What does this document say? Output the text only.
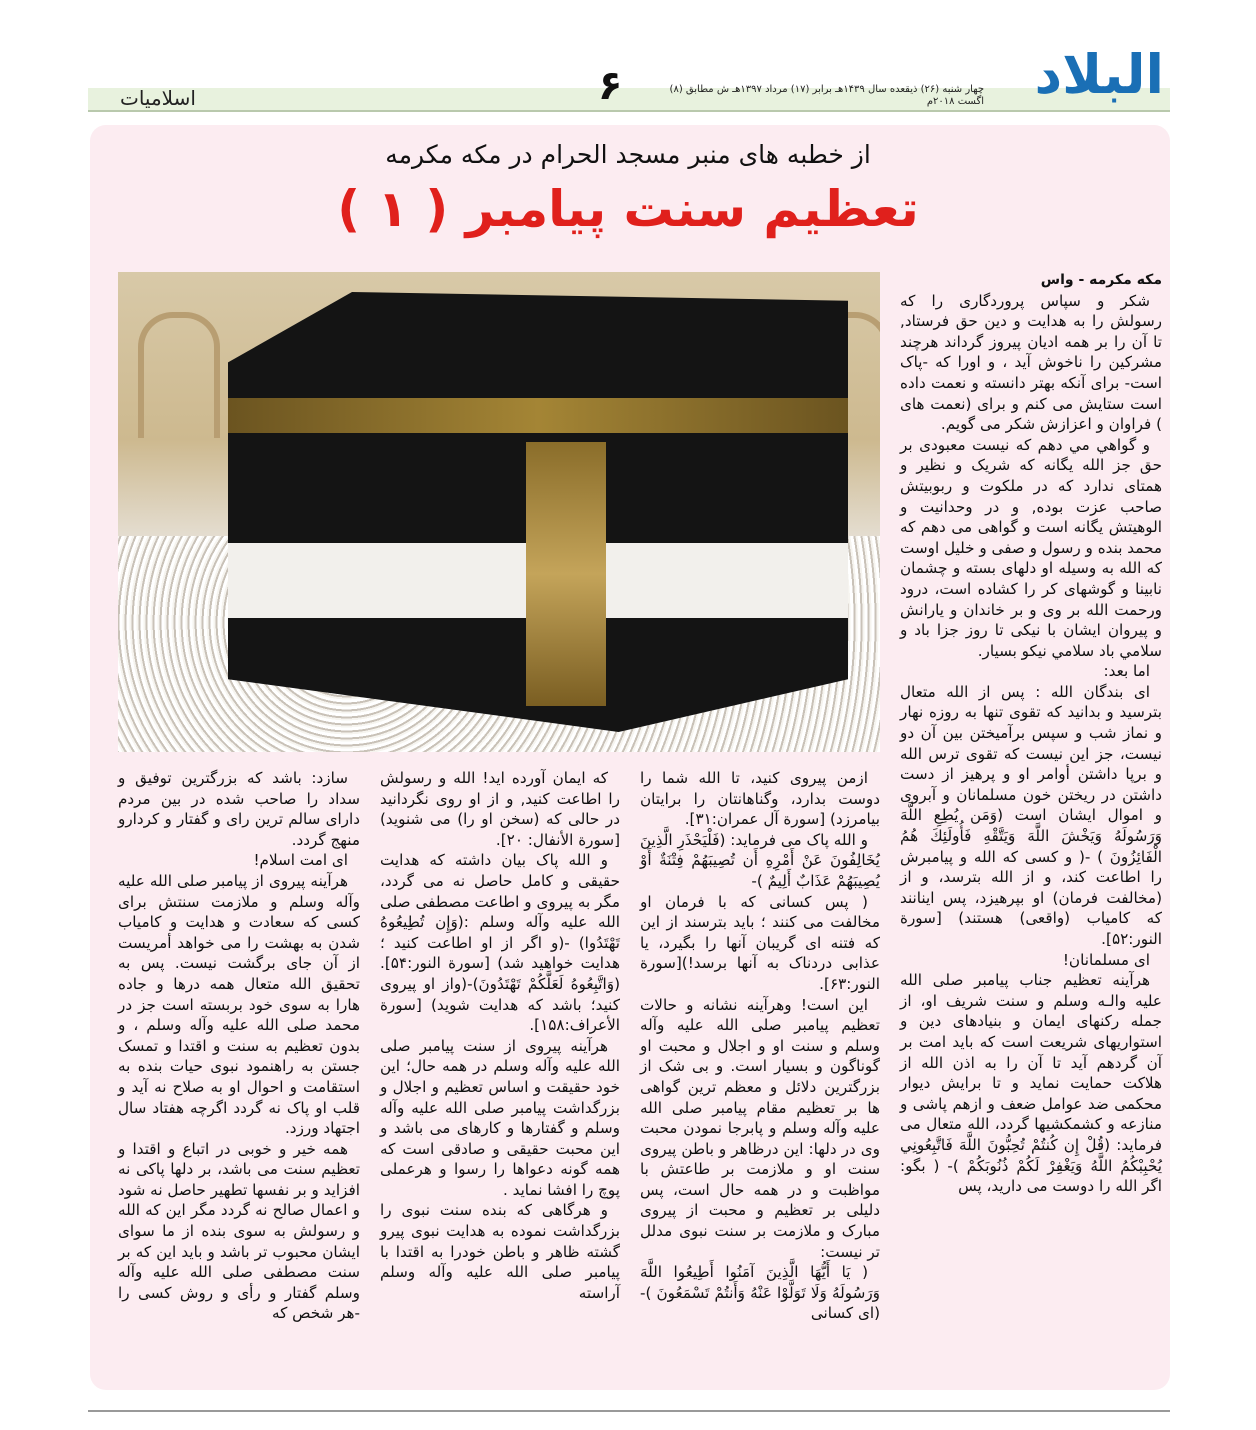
البلاد
چهار شنبه (۲۶) ذیقعده سال ۱۴۳۹هـ برابر (۱۷) مرداد ۱۳۹۷هـ ش مطابق (۸) اگست ۲۰۱۸م
۶
اسلامیات
از خطبه های منبر مسجد الحرام در مکه مکرمه
تعظیم سنت پیامبر ( ۱ )

مکه مکرمه - واس

شکر و سپاس پروردگاری را که رسولش را به هدایت و دین حق فرستاد, تا آن را بر همه ادیان پیروز گرداند هرچند مشرکین را ناخوش آید ، و اورا که -پاک است- برای آنکه بهتر دانسته و نعمت داده است ستایش می کنم و برای (نعمت های ) فراوان و اعزازش شکر می گویم.

و گواهي مي دهم كه نيست معبودی بر حق جز الله یگانه که شریک و نظیر و همتای ندارد که در ملکوت و ربوبیتش صاحب عزت بوده, و در وحدانیت و الوهیتش یگانه است و گواهی می دهم که محمد بنده و رسول و صفی و خلیل اوست که الله به وسیله او دلهای بسته و چشمان نابینا و گوشهای کر را کشاده است، درود ورحمت الله بر وی و بر خاندان و یارانش و پیروان ایشان با نیکی تا روز جزا باد و سلامي باد سلامي نيكو بسيار.

اما بعد:

ای بندگان الله : پس از الله متعال بترسید و بدانید که تقوی تنها به روزه نهار و نماز شب و سپس برآمیختن بین آن دو نیست، جز این نیست که تقوی ترس الله و برپا داشتن أوامر او و پرهیز از دست داشتن در ریختن خون مسلمانان و آبروی و اموال ایشان است (وَمَن يُطِعِ اللَّهَ وَرَسُولَهُ وَيَخْشَ اللَّهَ وَيَتَّقْهِ فَأُولَئِكَ هُمُ الْفَائِزُونَ ) -( و کسی که الله و پیامبرش را اطاعت کند، و از الله بترسد، و از (مخالفت فرمان) او بپرهیزد، پس اینانند که کامیاب (واقعی) هستند) [سورة النور:۵۲].

ای مسلمانان!

هرآینه تعظیم جناب پیامبر صلی الله علیه والـه وسلم و سنت شریف او، از جمله رکنهای ایمان و بنیادهای دین و استواریهای شریعت است که باید امت بر آن گردهم آید تا آن را به اذن الله از هلاکت حمایت نماید و تا برایش دیوار محکمی ضد عوامل ضعف و ازهم پاشی و منازعه و کشمکشیها گردد، الله متعال می فرماید: (قُلْ إِن كُنتُمْ تُحِبُّونَ اللَّهَ فَاتَّبِعُونِي يُحْبِبْكُمُ اللَّهُ وَيَغْفِرْ لَكُمْ ذُنُوبَكُمْ )- ( بگو: اگر الله را دوست می دارید، پس

ازمن پیروی کنید، تا الله شما را دوست بدارد، وگناهانتان را برایتان بیامرزد) [سورة آل عمران:۳۱].

و الله پاک می فرماید: (فَلْيَحْذَرِ الَّذِينَ يُخَالِفُونَ عَنْ أَمْرِهِ أَن تُصِيبَهُمْ فِتْنَةٌ أَوْ يُصِيبَهُمْ عَذَابٌ أَلِيمٌ )-

( پس کسانی که با فرمان او مخالفت می کنند ؛ باید بترسند از این که فتنه ای گریبان آنها را بگیرد، یا عذابی دردناک به آنها برسد!)[سورة النور:۶۳].

این است! وهرآینه نشانه و حالات تعظیم پیامبر صلی الله علیه وآله وسلم و سنت او و اجلال و محبت او گوناگون و بسیار است. و بی شک از بزرگترین دلائل و معظم ترین گواهی ها بر تعظیم مقام پیامبر صلی الله علیه وآله وسلم و پابرجا نمودن محبت وی در دلها: این درظاهر و باطن پیروی سنت او و ملازمت بر طاعتش با مواظبت و در همه حال است، پس دلیلی بر تعظیم و محبت از پیروی مبارک و ملازمت بر سنت نبوی مدلل تر نیست:

( يَا أَيُّهَا الَّذِينَ آمَنُوا أَطِيعُوا اللَّهَ وَرَسُولَهُ وَلَا تَوَلَّوْا عَنْهُ وَأَنتُمْ تَسْمَعُونَ )-(ای کسانی

که ایمان آورده اید! الله و رسولش را اطاعت کنید, و از او روی نگردانید در حالی که (سخن او را) می شنوید)[سورة الأنفال: ۲۰].

و الله پاک بیان داشته که هدایت حقیقی و کامل حاصل نه می گردد، مگر به پیروی و اطاعت مصطفی صلی الله علیه وآله وسلم :(وَإِن تُطِيعُوهُ تَهْتَدُوا) -(و اگر از او اطاعت کنید ؛هدایت خواهید شد) [سورة النور:۵۴]. (وَاتَّبِعُوهُ لَعَلَّكُمْ تَهْتَدُونَ)-(واز او پیروی کنید؛ باشد که هدایت شوید) [سورة الأعراف:۱۵۸].

هرآینه پیروی از سنت پیامبر صلی الله علیه وآله وسلم در همه حال؛ این خود حقیقت و اساس تعظیم و اجلال و بزرگداشت پیامبر صلی الله علیه وآله وسلم و گفتارها و کارهای می باشد و این محبت حقیقی و صادقی است که همه گونه دعواها را رسوا و هرعملی پوچ را افشا نماید .

و هرگاهی که بنده سنت نبوی را بزرگداشت نموده به هدایت نبوی پیرو گشته ظاهر و باطن خودرا به اقتدا با پیامبر صلی الله علیه وآله وسلم آراسته

سازد: باشد که بزرگترین توفیق و سداد را صاحب شده در بین مردم دارای سالم ترین رای و گفتار و کردارو منهج گردد.

ای امت اسلام!

هرآینه پیروی از پیامبر صلی الله علیه وآله وسلم و ملازمت سنتش برای کسی که سعادت و هدایت و کامیاب شدن به بهشت را می خواهد أمریست از آن جای برگشت نیست. پس به تحقیق الله متعال همه درها و جاده هارا به سوی خود بربسته است جز در محمد صلی الله علیه وآله وسلم ، و بدون تعظیم به سنت و اقتدا و تمسک جستن به راهنمود نبوی حیات بنده به استقامت و احوال او به صلاح نه آید و قلب او پاک نه گردد اگرچه هفتاد سال اجتهاد ورزد.

همه خیر و خوبی در اتباع و اقتدا و تعظیم سنت می باشد، بر دلها پاکی نه افزاید و بر نفسها تطهیر حاصل نه شود و اعمال صالح نه گردد مگر این که الله و رسولش به سوی بنده از ما سوای ایشان محبوب تر باشد و باید این که بر سنت مصطفی صلی الله علیه وآله وسلم گفتار و رأی و روش کسی را -هر شخص که
